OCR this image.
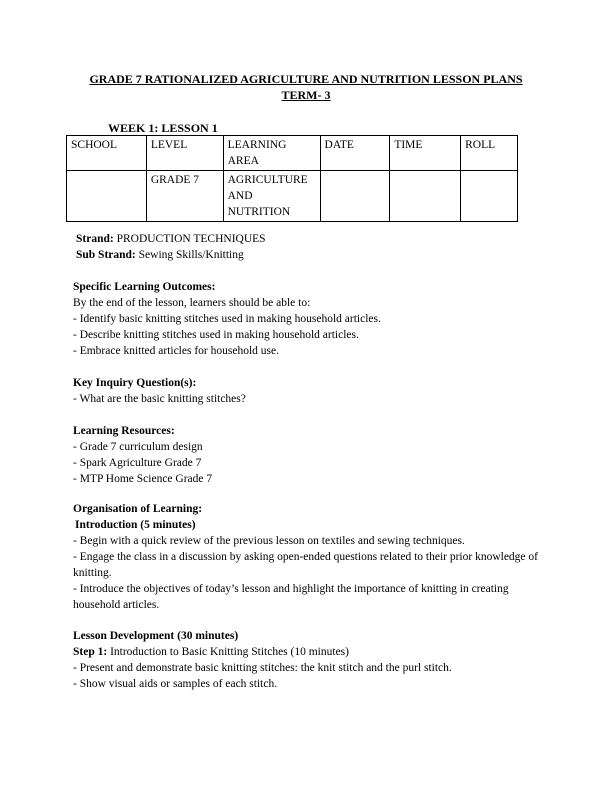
GRADE 7 RATIONALIZED AGRICULTURE AND NUTRITION LESSON PLANS
TERM- 3
WEEK 1: LESSON 1
SCHOOL	LEVEL	LEARNING AREA	DATE	TIME	ROLL
	GRADE 7	AGRICULTURE AND NUTRITION			

Strand: PRODUCTION TECHNIQUES

Sub Strand: Sewing Skills/Knitting

Specific Learning Outcomes:

By the end of the lesson, learners should be able to:

- Identify basic knitting stitches used in making household articles.

- Describe knitting stitches used in making household articles.

- Embrace knitted articles for household use.

Key Inquiry Question(s):

- What are the basic knitting stitches?

Learning Resources:

- Grade 7 curriculum design

- Spark Agriculture Grade 7

- MTP Home Science Grade 7

Organisation of Learning:

Introduction (5 minutes)

- Begin with a quick review of the previous lesson on textiles and sewing techniques.

- Engage the class in a discussion by asking open-ended questions related to their prior knowledge of knitting.

- Introduce the objectives of today’s lesson and highlight the importance of knitting in creating household articles.

Lesson Development (30 minutes)

Step 1: Introduction to Basic Knitting Stitches (10 minutes)

- Present and demonstrate basic knitting stitches: the knit stitch and the purl stitch.

- Show visual aids or samples of each stitch.
